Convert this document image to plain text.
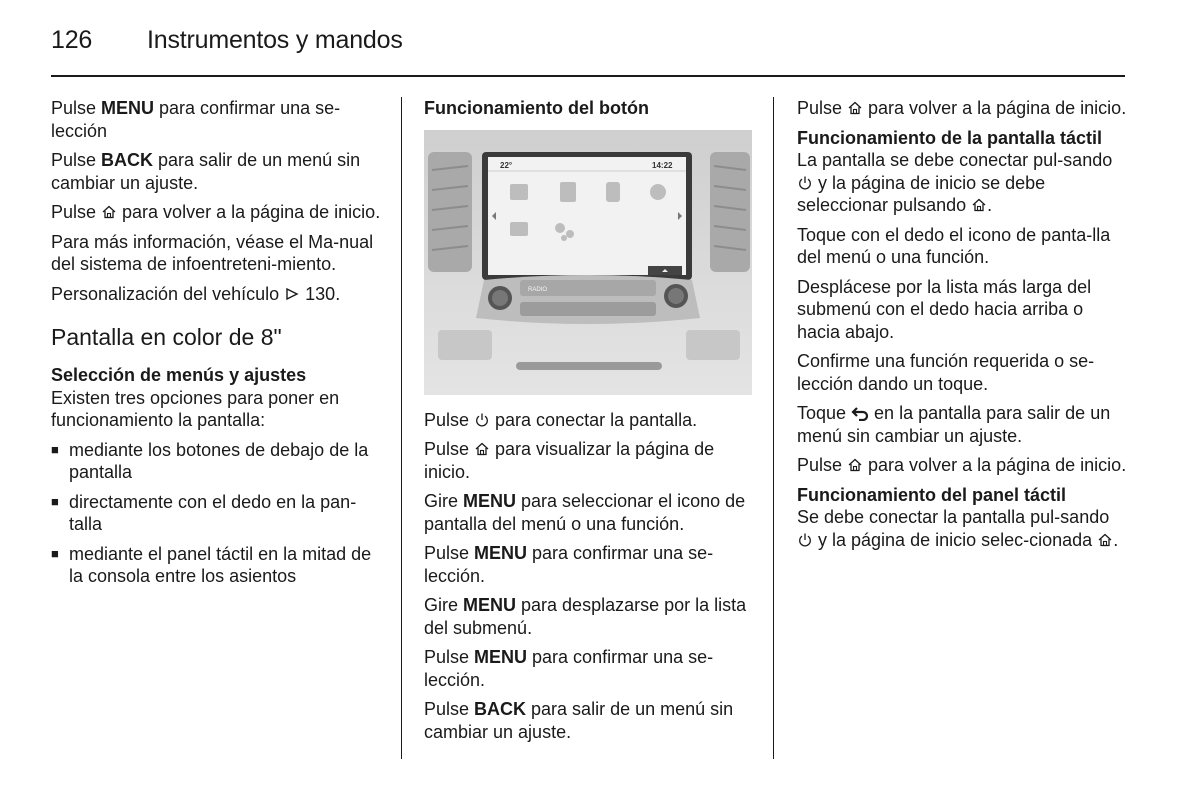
126 Instrumentos y mandos

Pulse MENU para confirmar una se-lección

Pulse BACK para salir de un menú sin cambiar un ajuste.

Pulse  para volver a la página de inicio.

Para más información, véase el Ma-nual del sistema de infoentreteni-miento.

Personalización del vehículo  130.

Pantalla en color de 8"

Selección de menús y ajustes

Existen tres opciones para poner en funcionamiento la pantalla:

■ mediante los botones de debajo de la pantalla
■ directamente con el dedo en la pan-talla
■ mediante el panel táctil en la mitad de la consola entre los asientos

Funcionamiento del botón

22°	14:22
RADIO

Pulse  para conectar la pantalla.

Pulse  para visualizar la página de inicio.

Gire MENU para seleccionar el icono de pantalla del menú o una función.

Pulse MENU para confirmar una se-lección.

Gire MENU para desplazarse por la lista del submenú.

Pulse MENU para confirmar una se-lección.

Pulse BACK para salir de un menú sin cambiar un ajuste.

Pulse  para volver a la página de inicio.

Funcionamiento de la pantalla táctil

La pantalla se debe conectar pul-sando  y la página de inicio se debe seleccionar pulsando .

Toque con el dedo el icono de panta-lla del menú o una función.

Desplácese por la lista más larga del submenú con el dedo hacia arriba o hacia abajo.

Confirme una función requerida o se-lección dando un toque.

Toque  en la pantalla para salir de un menú sin cambiar un ajuste.

Pulse  para volver a la página de inicio.

Funcionamiento del panel táctil

Se debe conectar la pantalla pul-sando  y la página de inicio selec-cionada .
